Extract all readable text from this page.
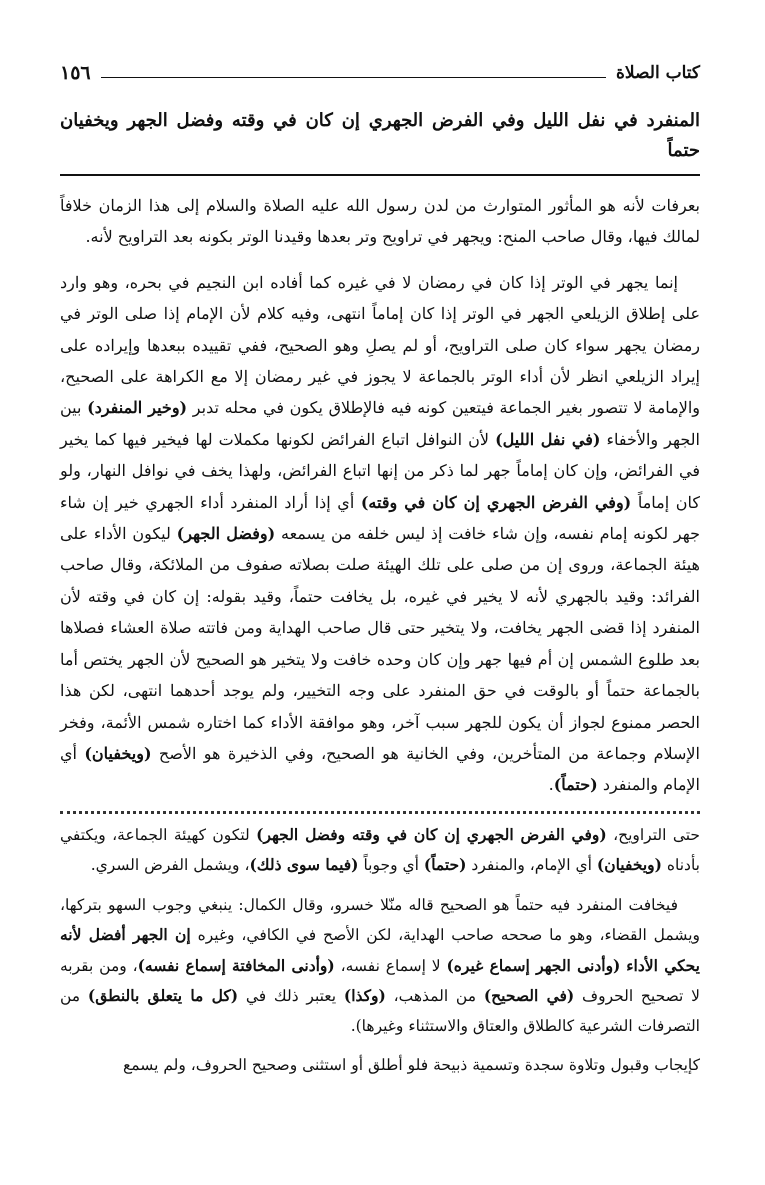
كتاب الصلاة
١٥٦
المنفرد في نفل الليل وفي الفرض الجهري إن كان في وقته وفضل الجهر ويخفيان حتماً

بعرفات لأنه هو المأثور المتوارث من لدن رسول الله عليه الصلاة والسلام إلى هذا الزمان خلافاً لمالك فيها، وقال صاحب المنح: ويجهر في تراويح وتر بعدها وقيدنا الوتر بكونه بعد التراويح لأنه.

إنما يجهر في الوتر إذا كان في رمضان لا في غيره كما أفاده ابن النجيم في بحره، وهو وارد على إطلاق الزيلعي الجهر في الوتر إذا كان إماماً انتهى، وفيه كلام لأن الإمام إذا صلى الوتر في رمضان يجهر سواء كان صلى التراويح، أو لم يصلِ وهو الصحيح، ففي تقييده ببعدها وإيراده على إيراد الزيلعي انظر لأن أداء الوتر بالجماعة لا يجوز في غير رمضان إلا مع الكراهة على الصحيح، والإمامة لا تتصور بغير الجماعة فيتعين كونه فيه فالإطلاق يكون في محله تدبر (وخير المنفرد) بين الجهر والأخفاء (في نفل الليل) لأن النوافل اتباع الفرائض لكونها مكملات لها فيخير فيها كما يخير في الفرائض، وإن كان إماماً جهر لما ذكر من إنها اتباع الفرائض، ولهذا يخف في نوافل النهار، ولو كان إماماً (وفي الفرض الجهري إن كان في وقته) أي إذا أراد المنفرد أداء الجهري خير إن شاء جهر لكونه إمام نفسه، وإن شاء خافت إذ ليس خلفه من يسمعه (وفضل الجهر) ليكون الأداء على هيئة الجماعة، وروى إن من صلى على تلك الهيئة صلت بصلاته صفوف من الملائكة، وقال صاحب الفرائد: وقيد بالجهري لأنه لا يخير في غيره، بل يخافت حتماً، وقيد بقوله: إن كان في وقته لأن المنفرد إذا قضى الجهر يخافت، ولا يتخير حتى قال صاحب الهداية ومن فاتته صلاة العشاء فصلاها بعد طلوع الشمس إن أم فيها جهر وإن كان وحده خافت ولا يتخير هو الصحيح لأن الجهر يختص أما بالجماعة حتماً أو بالوقت في حق المنفرد على وجه التخيير، ولم يوجد أحدهما انتهى، لكن هذا الحصر ممنوع لجواز أن يكون للجهر سبب آخر، وهو موافقة الأداء كما اختاره شمس الأئمة، وفخر الإسلام وجماعة من المتأخرين، وفي الخانية هو الصحيح، وفي الذخيرة هو الأصح (ويخفيان) أي الإمام والمنفرد (حتماً).

حتى التراويح، (وفي الفرض الجهري إن كان في وقته وفضل الجهر) لتكون كهيئة الجماعة، ويكتفي بأدناه (ويخفيان) أي الإمام، والمنفرد (حتماً) أي وجوباً (فيما سوى ذلك)، ويشمل الفرض السري.

فيخافت المنفرد فيه حتماً هو الصحيح قاله منّلا خسرو، وقال الكمال: ينبغي وجوب السهو بتركها، ويشمل القضاء، وهو ما صححه صاحب الهداية، لكن الأصح في الكافي، وغيره إن الجهر أفضل لأنه يحكي الأداء (وأدنى الجهر إسماع غيره) لا إسماع نفسه، (وأدنى المخافتة إسماع نفسه)، ومن بقربه لا تصحيح الحروف (في الصحيح) من المذهب، (وكذا) يعتبر ذلك في (كل ما يتعلق بالنطق) من التصرفات الشرعية كالطلاق والعتاق والاستثناء وغيرها).

كإيجاب وقبول وتلاوة سجدة وتسمية ذبيحة فلو أطلق أو استثنى وصحيح الحروف، ولم يسمع
